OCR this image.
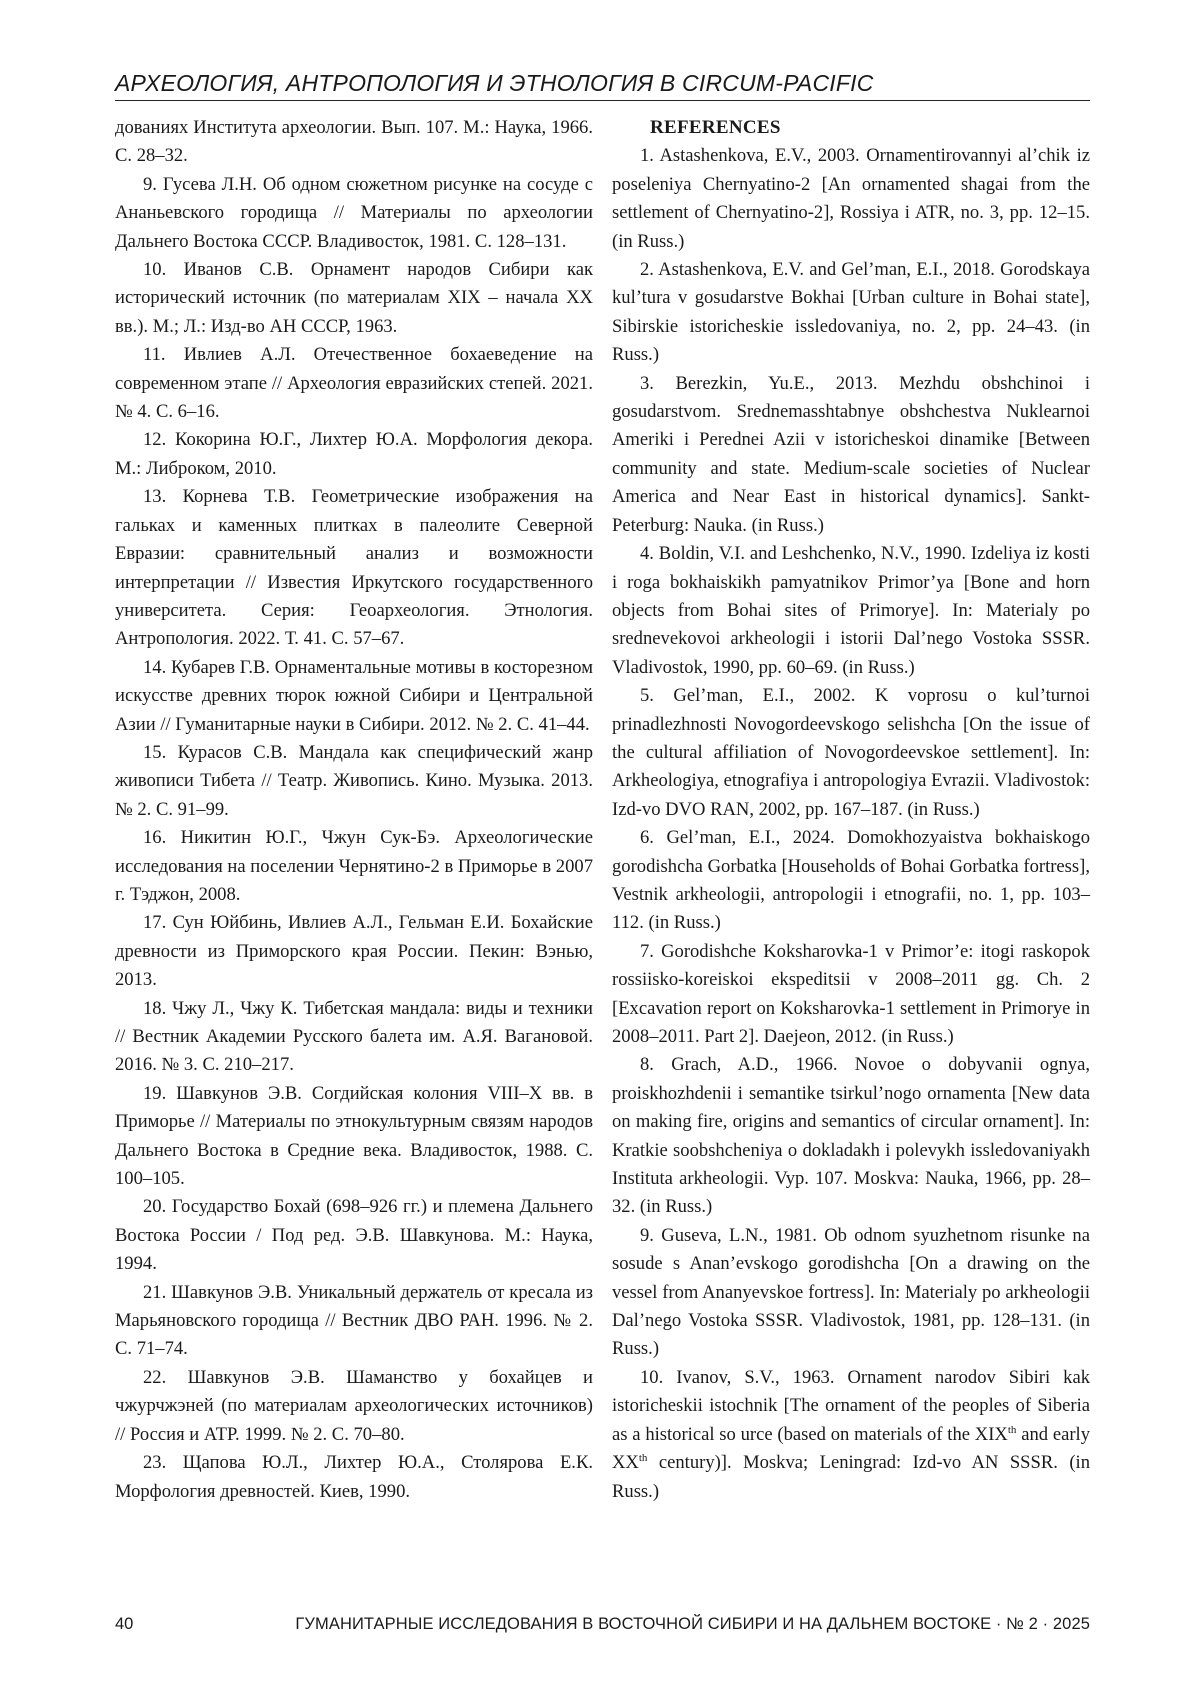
АРХЕОЛОГИЯ, АНТРОПОЛОГИЯ И ЭТНОЛОГИЯ В CIRCUM-PACIFIC

дованиях Института археологии. Вып. 107. М.: Наука, 1966. С. 28–32.

9. Гусева Л.Н. Об одном сюжетном рисунке на сосуде с Ананьевского городища // Материалы по археологии Дальнего Востока СССР. Владивосток, 1981. С. 128–131.

10. Иванов С.В. Орнамент народов Сибири как исторический источник (по материалам XIX – начала XX вв.). М.; Л.: Изд-во АН СССР, 1963.

11. Ивлиев А.Л. Отечественное бохаеведение на современном этапе // Археология евразийских степей. 2021. № 4. С. 6–16.

12. Кокорина Ю.Г., Лихтер Ю.А. Морфология декора. М.: Либроком, 2010.

13. Корнева Т.В. Геометрические изображения на гальках и каменных плитках в палеолите Северной Евразии: сравнительный анализ и возможности интерпретации // Известия Иркутского государственного университета. Серия: Геоархеология. Этнология. Антропология. 2022. Т. 41. С. 57–67.

14. Кубарев Г.В. Орнаментальные мотивы в косторезном искусстве древних тюрок южной Сибири и Центральной Азии // Гуманитарные науки в Сибири. 2012. № 2. С. 41–44.

15. Курасов С.В. Мандала как специфический жанр живописи Тибета // Театр. Живопись. Кино. Музыка. 2013. № 2. С. 91–99.

16. Никитин Ю.Г., Чжун Сук-Бэ. Археологические исследования на поселении Чернятино-2 в Приморье в 2007 г. Тэджон, 2008.

17. Сун Юйбинь, Ивлиев А.Л., Гельман Е.И. Бохайские древности из Приморского края России. Пекин: Вэнью, 2013.

18. Чжу Л., Чжу К. Тибетская мандала: виды и техники // Вестник Академии Русского балета им. А.Я. Вагановой. 2016. № 3. С. 210–217.

19. Шавкунов Э.В. Согдийская колония VIII–X вв. в Приморье // Материалы по этнокультурным связям народов Дальнего Востока в Средние века. Владивосток, 1988. С. 100–105.

20. Государство Бохай (698–926 гг.) и племена Дальнего Востока России / Под ред. Э.В. Шавкунова. М.: Наука, 1994.

21. Шавкунов Э.В. Уникальный держатель от кресала из Марьяновского городища // Вестник ДВО РАН. 1996. № 2. С. 71–74.

22. Шавкунов Э.В. Шаманство у бохайцев и чжурчжэней (по материалам археологических источников) // Россия и АТР. 1999. № 2. С. 70–80.

23. Щапова Ю.Л., Лихтер Ю.А., Столярова Е.К. Морфология древностей. Киев, 1990.

REFERENCES

1. Astashenkova, E.V., 2003. Ornamentirovannyi al’chik iz poseleniya Chernyatino-2 [An ornamented shagai from the settlement of Chernyatino-2], Rossiya i ATR, no. 3, pp. 12–15. (in Russ.)

2. Astashenkova, E.V. and Gel’man, E.I., 2018. Gorodskaya kul’tura v gosudarstve Bokhai [Urban culture in Bohai state], Sibirskie istoricheskie issledovaniya, no. 2, pp. 24–43. (in Russ.)

3. Berezkin, Yu.E., 2013. Mezhdu obshchinoi i gosudarstvom. Srednemasshtabnye obshchestva Nuklearnoi Ameriki i Perednei Azii v istoricheskoi dinamike [Between community and state. Medium-scale societies of Nuclear America and Near East in historical dynamics]. Sankt-Peterburg: Nauka. (in Russ.)

4. Boldin, V.I. and Leshchenko, N.V., 1990. Izdeliya iz kosti i roga bokhaiskikh pamyatnikov Primor’ya [Bone and horn objects from Bohai sites of Primorye]. In: Materialy po srednevekovoi arkheologii i istorii Dal’nego Vostoka SSSR. Vladivostok, 1990, pp. 60–69. (in Russ.)

5. Gel’man, E.I., 2002. K voprosu o kul’turnoi prinadlezhnosti Novogordeevskogo selishcha [On the issue of the cultural affiliation of Novogordeevskoe settlement]. In: Arkheologiya, etnografiya i antropologiya Evrazii. Vladivostok: Izd-vo DVO RAN, 2002, pp. 167–187. (in Russ.)

6. Gel’man, E.I., 2024. Domokhozyaistva bokhaiskogo gorodishcha Gorbatka [Households of Bohai Gorbatka fortress], Vestnik arkheologii, antropologii i etnografii, no. 1, pp. 103–112. (in Russ.)

7. Gorodishche Koksharovka-1 v Primor’e: itogi raskopok rossiisko-koreiskoi ekspeditsii v 2008–2011 gg. Ch. 2 [Excavation report on Koksharovka-1 settlement in Primorye in 2008–2011. Part 2]. Daejeon, 2012. (in Russ.)

8. Grach, A.D., 1966. Novoe o dobyvanii ognya, proiskhozhdenii i semantike tsirkul’nogo ornamenta [New data on making fire, origins and semantics of circular ornament]. In: Kratkie soobshcheniya o dokladakh i polevykh issledovaniyakh Instituta arkheologii. Vyp. 107. Moskva: Nauka, 1966, pp. 28–32. (in Russ.)

9. Guseva, L.N., 1981. Ob odnom syuzhetnom risunke na sosude s Anan’evskogo gorodishcha [On a drawing on the vessel from Ananyevskoe fortress]. In: Materialy po arkheologii Dal’nego Vostoka SSSR. Vladivostok, 1981, pp. 128–131. (in Russ.)

10. Ivanov, S.V., 1963. Ornament narodov Sibiri kak istoricheskii istochnik [The ornament of the peoples of Siberia as a historical so urce (based on materials of the XIXth and early XXth century)]. Moskva; Leningrad: Izd-vo AN SSSR. (in Russ.)

40	ГУМАНИТАРНЫЕ ИССЛЕДОВАНИЯ В ВОСТОЧНОЙ СИБИРИ И НА ДАЛЬНЕМ ВОСТОКЕ · № 2 · 2025
